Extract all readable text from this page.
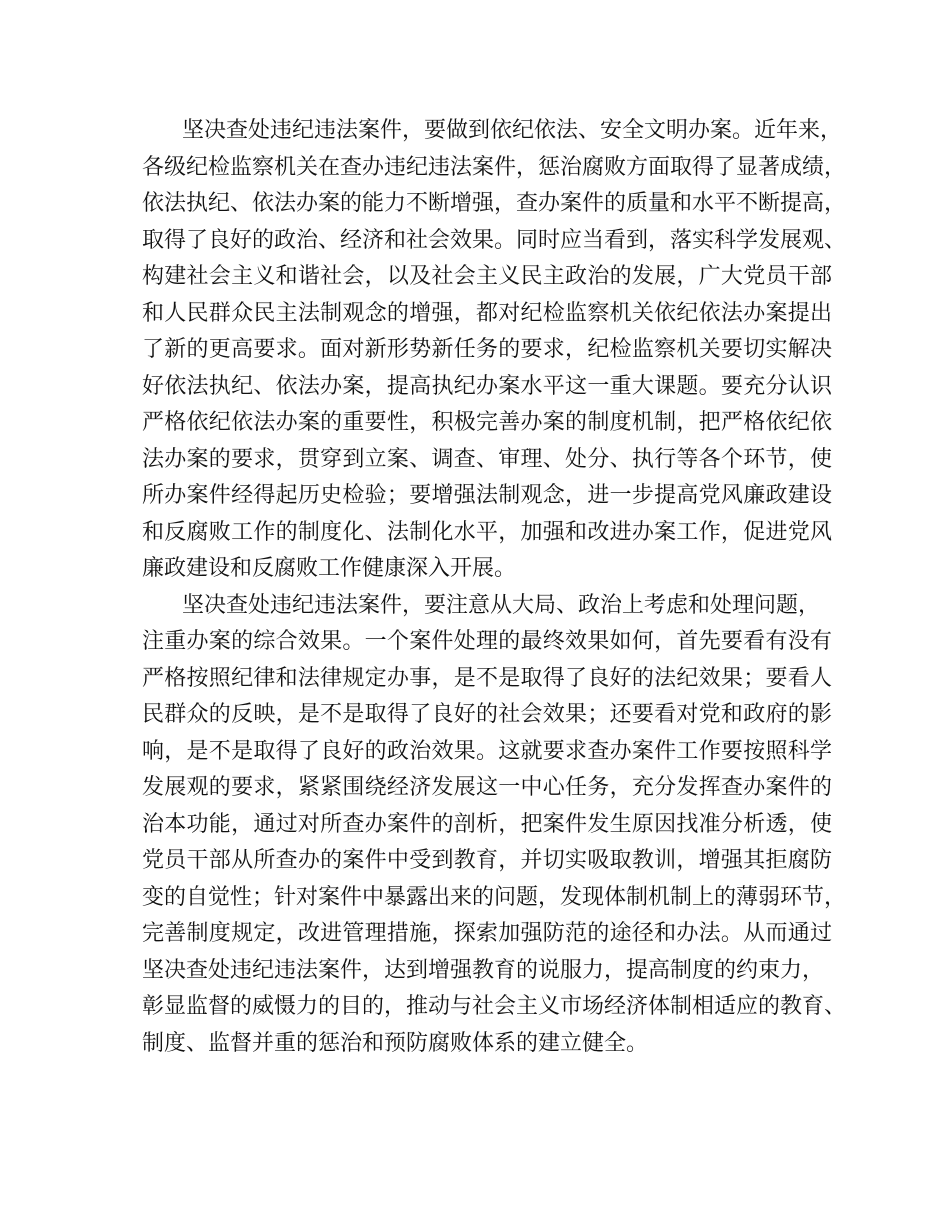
坚决查处违纪违法案件，要做到依纪依法、安全文明办案。近年来，
各级纪检监察机关在查办违纪违法案件，惩治腐败方面取得了显著成绩，
依法执纪、依法办案的能力不断增强，查办案件的质量和水平不断提高，
取得了良好的政治、经济和社会效果。同时应当看到，落实科学发展观、
构建社会主义和谐社会，以及社会主义民主政治的发展，广大党员干部
和人民群众民主法制观念的增强，都对纪检监察机关依纪依法办案提出
了新的更高要求。面对新形势新任务的要求，纪检监察机关要切实解决
好依法执纪、依法办案，提高执纪办案水平这一重大课题。要充分认识
严格依纪依法办案的重要性，积极完善办案的制度机制，把严格依纪依
法办案的要求，贯穿到立案、调查、审理、处分、执行等各个环节，使
所办案件经得起历史检验；要增强法制观念，进一步提高党风廉政建设
和反腐败工作的制度化、法制化水平，加强和改进办案工作，促进党风
廉政建设和反腐败工作健康深入开展。
坚决查处违纪违法案件，要注意从大局、政治上考虑和处理问题，
注重办案的综合效果。一个案件处理的最终效果如何，首先要看有没有
严格按照纪律和法律规定办事，是不是取得了良好的法纪效果；要看人
民群众的反映，是不是取得了良好的社会效果；还要看对党和政府的影
响，是不是取得了良好的政治效果。这就要求查办案件工作要按照科学
发展观的要求，紧紧围绕经济发展这一中心任务，充分发挥查办案件的
治本功能，通过对所查办案件的剖析，把案件发生原因找准分析透，使
党员干部从所查办的案件中受到教育，并切实吸取教训，增强其拒腐防
变的自觉性；针对案件中暴露出来的问题，发现体制机制上的薄弱环节，
完善制度规定，改进管理措施，探索加强防范的途径和办法。从而通过
坚决查处违纪违法案件，达到增强教育的说服力，提高制度的约束力，
彰显监督的威慑力的目的，推动与社会主义市场经济体制相适应的教育、
制度、监督并重的惩治和预防腐败体系的建立健全。
